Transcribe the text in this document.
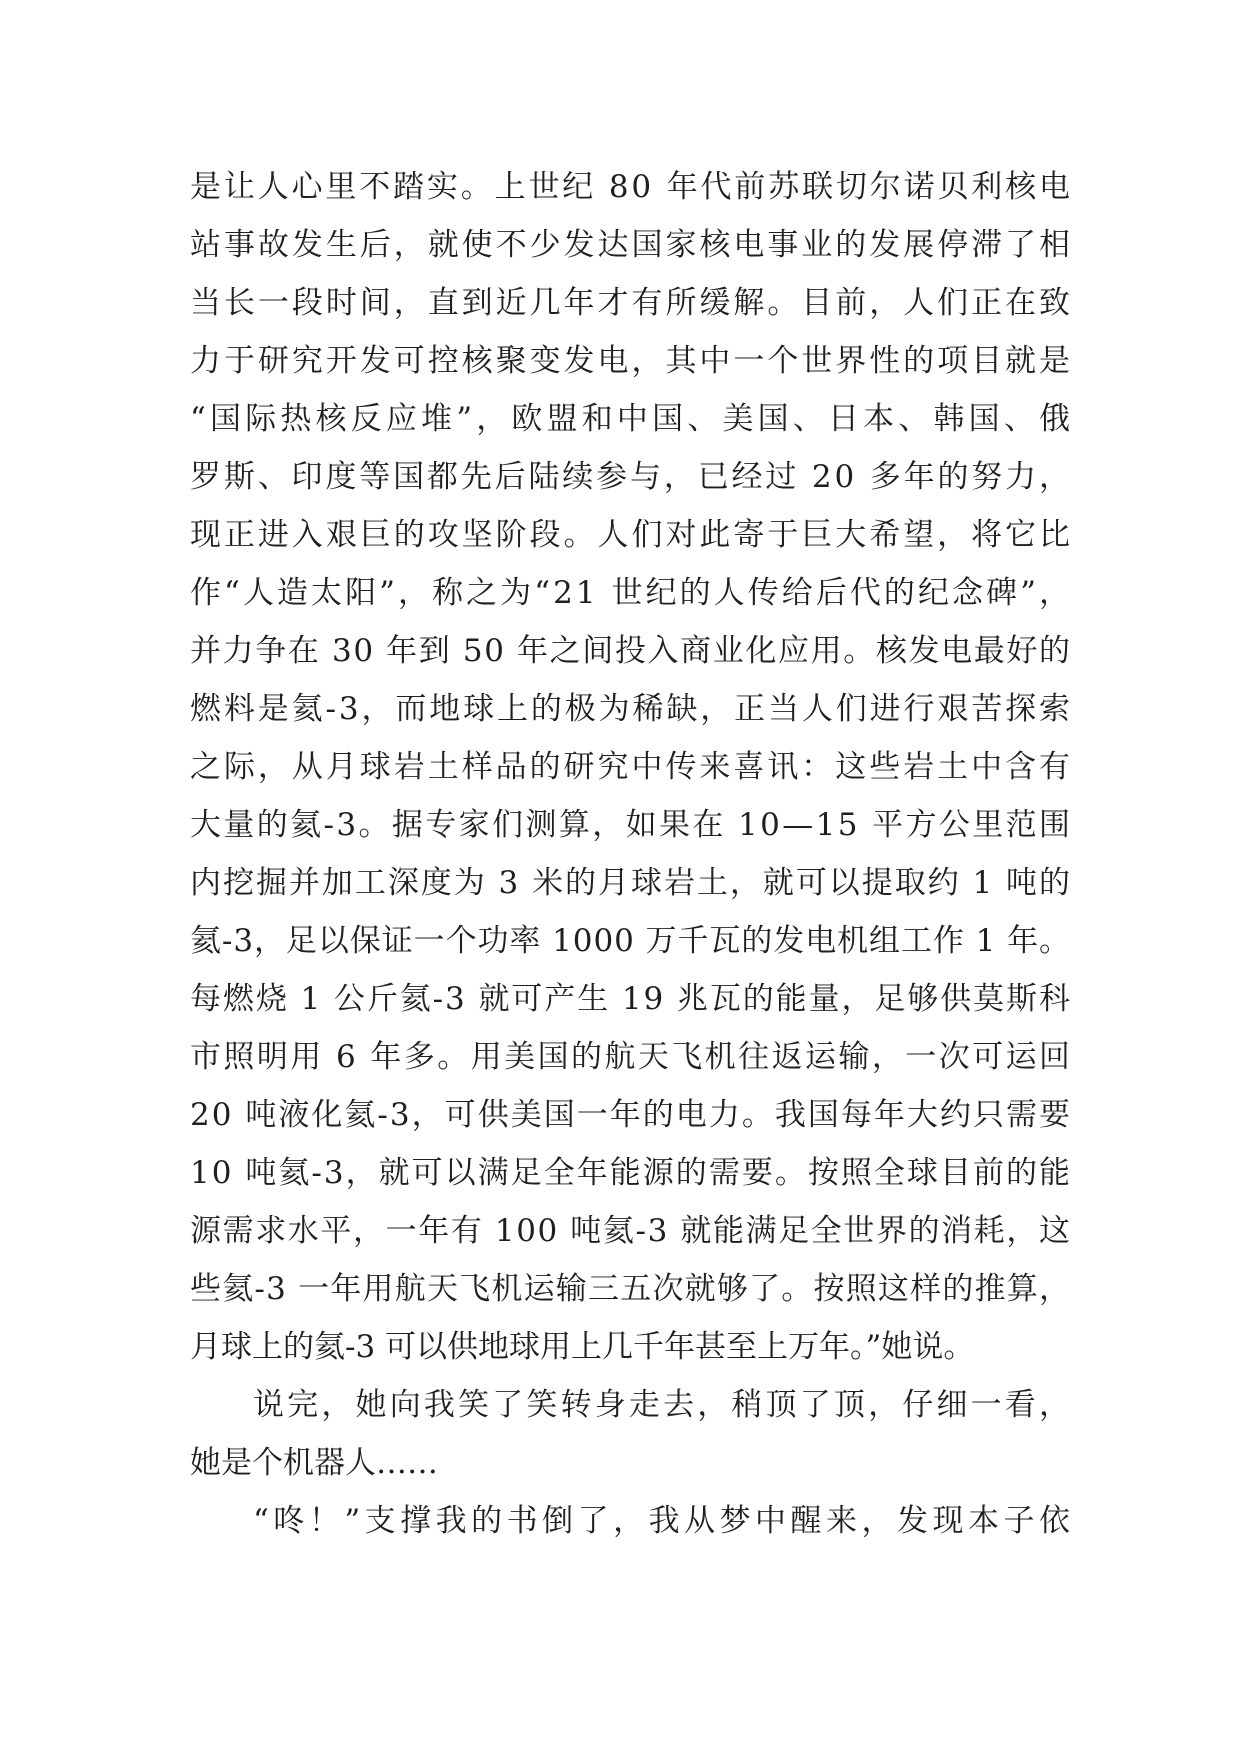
是让人心里不踏实。上世纪 80 年代前苏联切尔诺贝利核电
站事故发生后，就使不少发达国家核电事业的发展停滞了相
当长一段时间，直到近几年才有所缓解。目前，人们正在致
力于研究开发可控核聚变发电，其中一个世界性的项目就是
“国际热核反应堆”，欧盟和中国、美国、日本、韩国、俄
罗斯、印度等国都先后陆续参与，已经过 20 多年的努力，
现正进入艰巨的攻坚阶段。人们对此寄于巨大希望，将它比
作“人造太阳”，称之为“21 世纪的人传给后代的纪念碑”，
并力争在 30 年到 50 年之间投入商业化应用。核发电最好的
燃料是氦-3，而地球上的极为稀缺，正当人们进行艰苦探索
之际，从月球岩土样品的研究中传来喜讯：这些岩土中含有
大量的氦-3。据专家们测算，如果在 10—15 平方公里范围
内挖掘并加工深度为 3 米的月球岩土，就可以提取约 1 吨的
氦-3，足以保证一个功率 1000 万千瓦的发电机组工作 1 年。
每燃烧 1 公斤氦-3 就可产生 19 兆瓦的能量，足够供莫斯科
市照明用 6 年多。用美国的航天飞机往返运输，一次可运回
20 吨液化氦-3，可供美国一年的电力。我国每年大约只需要
10 吨氦-3，就可以满足全年能源的需要。按照全球目前的能
源需求水平，一年有 100 吨氦-3 就能满足全世界的消耗，这
些氦-3 一年用航天飞机运输三五次就够了。按照这样的推算，
月球上的氦-3 可以供地球用上几千年甚至上万年。”她说。
说完，她向我笑了笑转身走去，稍顶了顶，仔细一看，
她是个机器人……
“咚！”支撑我的书倒了，我从梦中醒来，发现本子依
